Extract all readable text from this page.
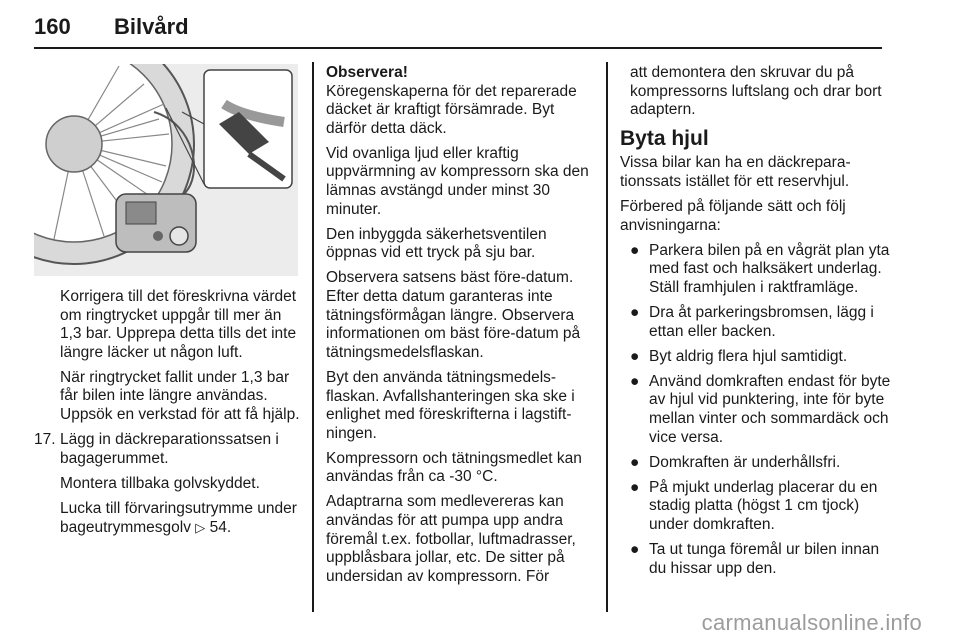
160 Bilvård

Korrigera till det föreskrivna värdet om ringtrycket uppgår till mer än 1,3 bar. Upprepa detta tills det inte längre läcker ut någon luft.

När ringtrycket fallit under 1,3 bar får bilen inte längre användas. Uppsök en verkstad för att få hjälp.

17. Lägg in däckreparationssatsen i bagagerummet.

Montera tillbaka golvskyddet.

Lucka till förvaringsutrymme under bageutrymmesgolv ▷ 54.

Observera!

Köregenskaperna för det reparerade däcket är kraftigt försämrade. Byt därför detta däck.

Vid ovanliga ljud eller kraftig uppvärmning av kompressorn ska den lämnas avstängd under minst 30 minuter.

Den inbyggda säkerhetsventilen öppnas vid ett tryck på sju bar.

Observera satsens bäst före-datum. Efter detta datum garanteras inte tätningsförmågan längre. Observera informationen om bäst före-datum på tätningsmedelsflaskan.

Byt den använda tätningsmedelsflaskan. Avfallshanteringen ska ske i enlighet med föreskrifterna i lagstiftningen.

Kompressorn och tätningsmedlet kan användas från ca -30 °C.

Adaptrarna som medlevereras kan användas för att pumpa upp andra föremål t.ex. fotbollar, luftmadrasser, uppblåsbara jollar, etc. De sitter på undersidan av kompressorn. För

att demontera den skruvar du på kompressorns luftslang och drar bort adaptern.

Byta hjul

Vissa bilar kan ha en däckreparationssats istället för ett reservhjul.

Förbered på följande sätt och följ anvisningarna:

● Parkera bilen på en vågrät plan yta med fast och halksäkert underlag. Ställ framhjulen i raktframläge.
● Dra åt parkeringsbromsen, lägg i ettan eller backen.
● Byt aldrig flera hjul samtidigt.
● Använd domkraften endast för byte av hjul vid punktering, inte för byte mellan vinter och sommardäck och vice versa.
● Domkraften är underhållsfri.
● På mjukt underlag placerar du en stadig platta (högst 1 cm tjock) under domkraften.
● Ta ut tunga föremål ur bilen innan du hissar upp den.
carmanualsonline.info
